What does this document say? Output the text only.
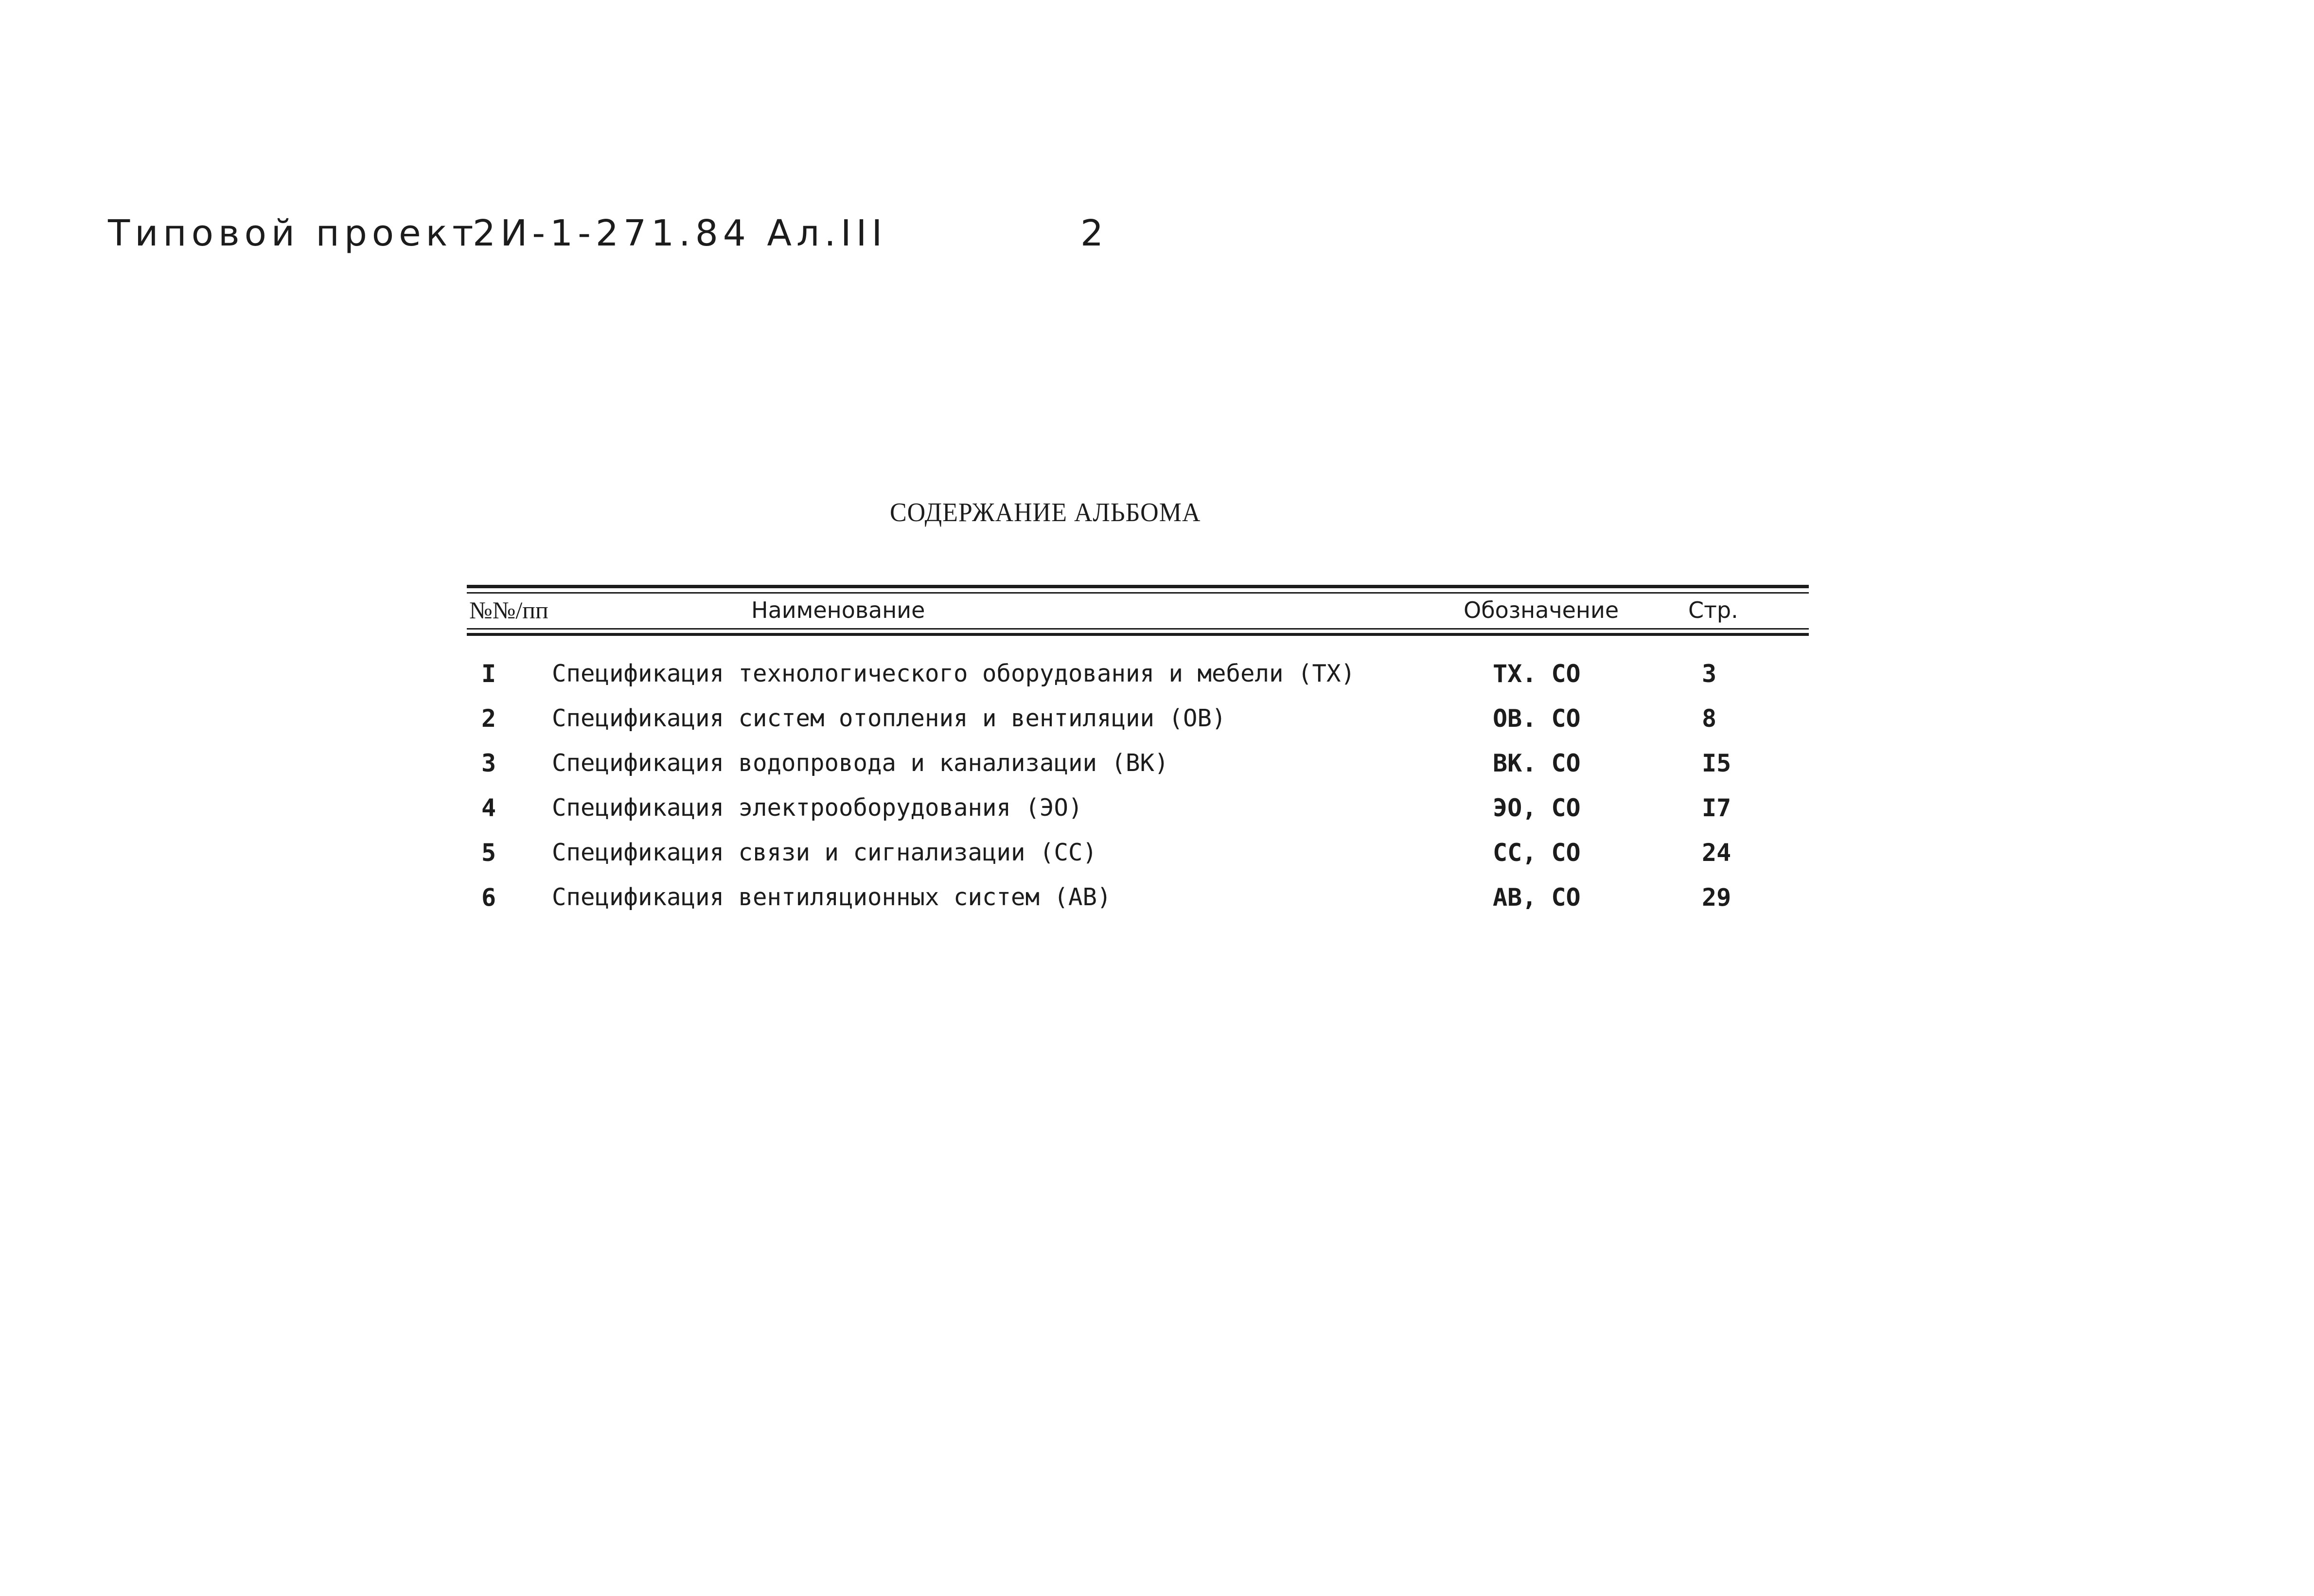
Типовой проект
2И-1-271.84 Ал.III	2
СОДЕРЖАНИЕ АЛЬБОМА
№№/пп	Наименование	Обозначение	Стр.
I Спецификация технологического оборудования и мебели (ТХ)	ТХ. СО	3
2 Спецификация систем отопления и вентиляции (ОВ)	ОВ. СО	8
3 Спецификация водопровода и канализации (ВК)	ВК. СО	I5
4 Спецификация электрооборудования (ЭО)	ЭО, СО	I7
5 Спецификация связи и сигнализации (СС)	СС, СО	24
6 Спецификация вентиляционных систем (АВ)	АВ, СО	29
